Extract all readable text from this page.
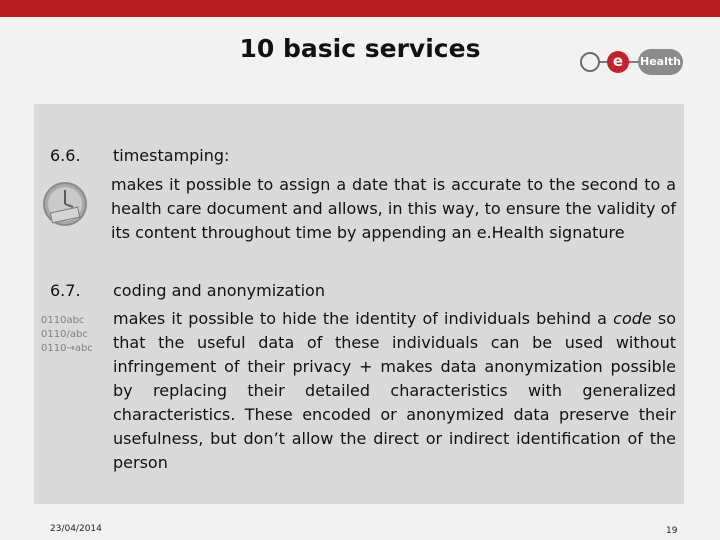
10 basic services	e	Health
6.6. timestamping:
makes it possible to assign a date that is accurate to the second to a health care document and allows, in this way, to ensure the validity of its content throughout time by appending an e.Health signature
6.7. coding and anonymization
0110abc
0110/abc
0110→abc
makes it possible to hide the identity of individuals behind a code so that the useful data of these individuals can be used without infringement of their privacy + makes data anonymization possible by replacing their detailed characteristics with generalized characteristics. These encoded or anonymized data preserve their usefulness, but don’t allow the direct or indirect identification of the person
23/04/2014	19
